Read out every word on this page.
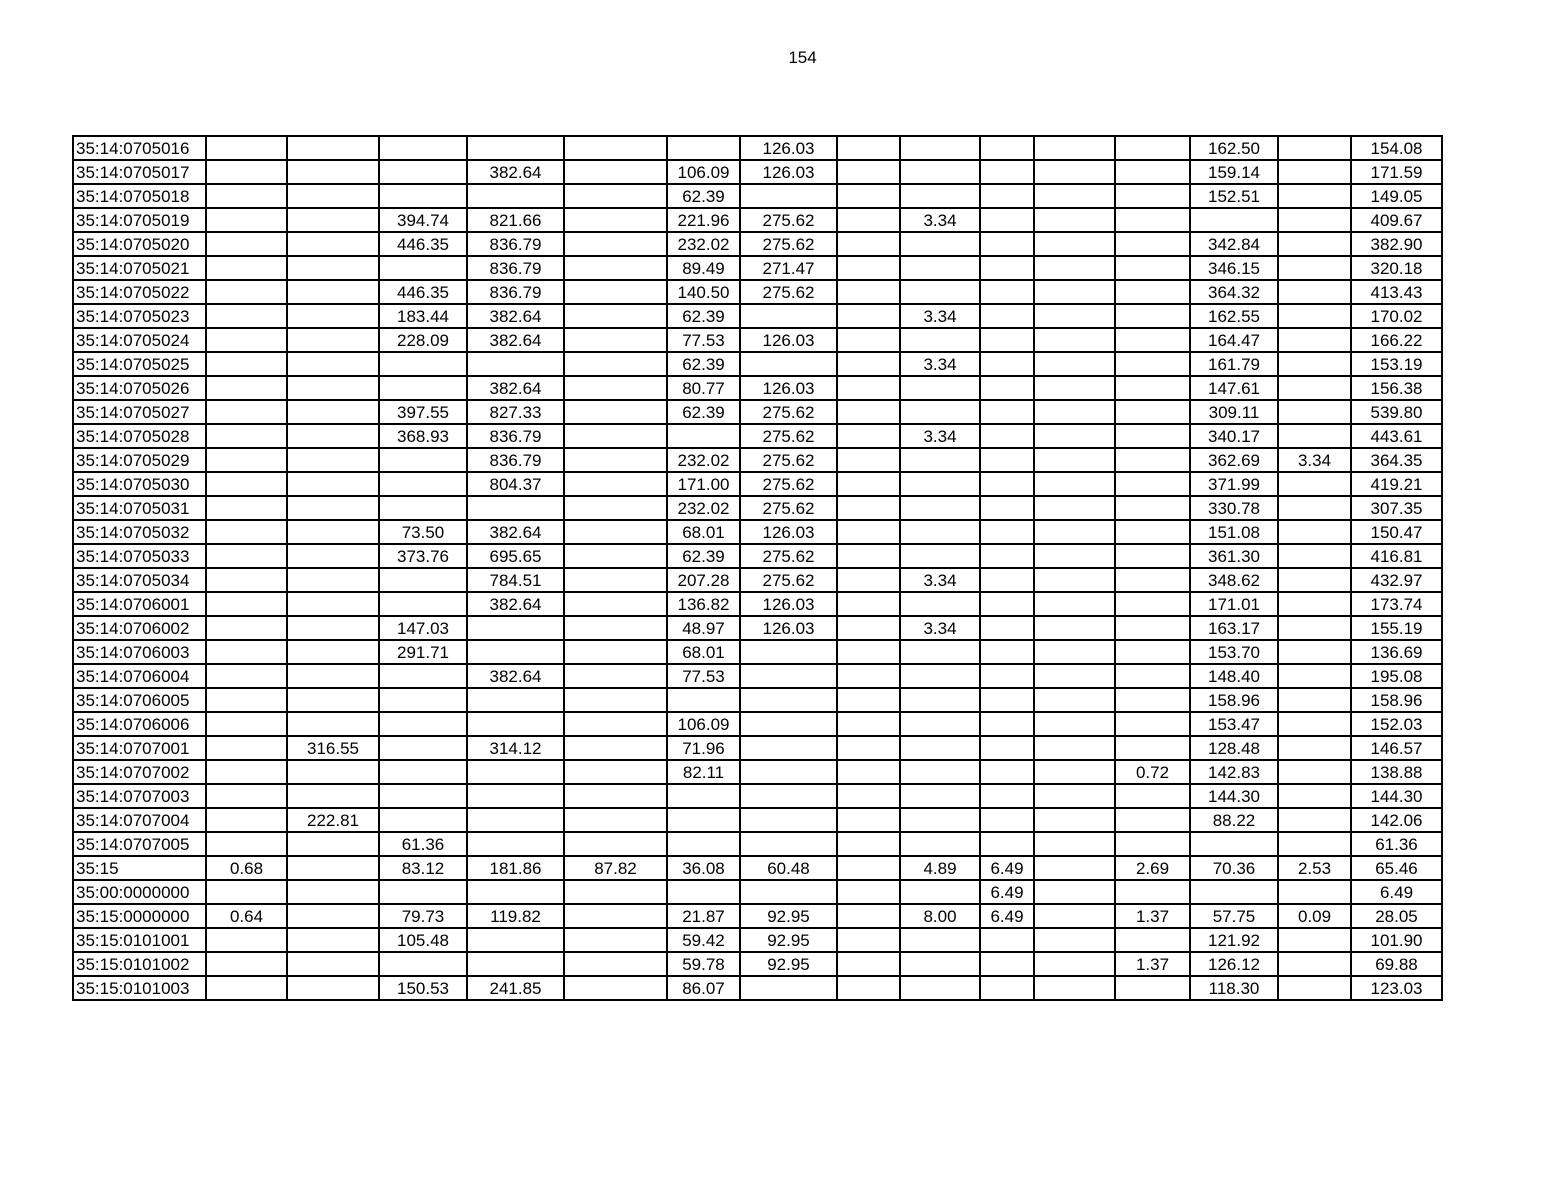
154
35:14:0705016							126.03						162.50		154.08
35:14:0705017				382.64		106.09	126.03						159.14		171.59
35:14:0705018						62.39							152.51		149.05
35:14:0705019			394.74	821.66		221.96	275.62		3.34						409.67
35:14:0705020			446.35	836.79		232.02	275.62						342.84		382.90
35:14:0705021				836.79		89.49	271.47						346.15		320.18
35:14:0705022			446.35	836.79		140.50	275.62						364.32		413.43
35:14:0705023			183.44	382.64		62.39			3.34				162.55		170.02
35:14:0705024			228.09	382.64		77.53	126.03						164.47		166.22
35:14:0705025						62.39			3.34				161.79		153.19
35:14:0705026				382.64		80.77	126.03						147.61		156.38
35:14:0705027			397.55	827.33		62.39	275.62						309.11		539.80
35:14:0705028			368.93	836.79			275.62		3.34				340.17		443.61
35:14:0705029				836.79		232.02	275.62						362.69	3.34	364.35
35:14:0705030				804.37		171.00	275.62						371.99		419.21
35:14:0705031						232.02	275.62						330.78		307.35
35:14:0705032			73.50	382.64		68.01	126.03						151.08		150.47
35:14:0705033			373.76	695.65		62.39	275.62						361.30		416.81
35:14:0705034				784.51		207.28	275.62		3.34				348.62		432.97
35:14:0706001				382.64		136.82	126.03						171.01		173.74
35:14:0706002			147.03			48.97	126.03		3.34				163.17		155.19
35:14:0706003			291.71			68.01							153.70		136.69
35:14:0706004				382.64		77.53							148.40		195.08
35:14:0706005													158.96		158.96
35:14:0706006						106.09							153.47		152.03
35:14:0707001		316.55		314.12		71.96							128.48		146.57
35:14:0707002						82.11						0.72	142.83		138.88
35:14:0707003													144.30		144.30
35:14:0707004		222.81											88.22		142.06
35:14:0707005			61.36												61.36
35:15	0.68		83.12	181.86	87.82	36.08	60.48		4.89	6.49		2.69	70.36	2.53	65.46
35:00:0000000										6.49					6.49
35:15:0000000	0.64		79.73	119.82		21.87	92.95		8.00	6.49		1.37	57.75	0.09	28.05
35:15:0101001			105.48			59.42	92.95						121.92		101.90
35:15:0101002						59.78	92.95					1.37	126.12		69.88
35:15:0101003			150.53	241.85		86.07							118.30		123.03
